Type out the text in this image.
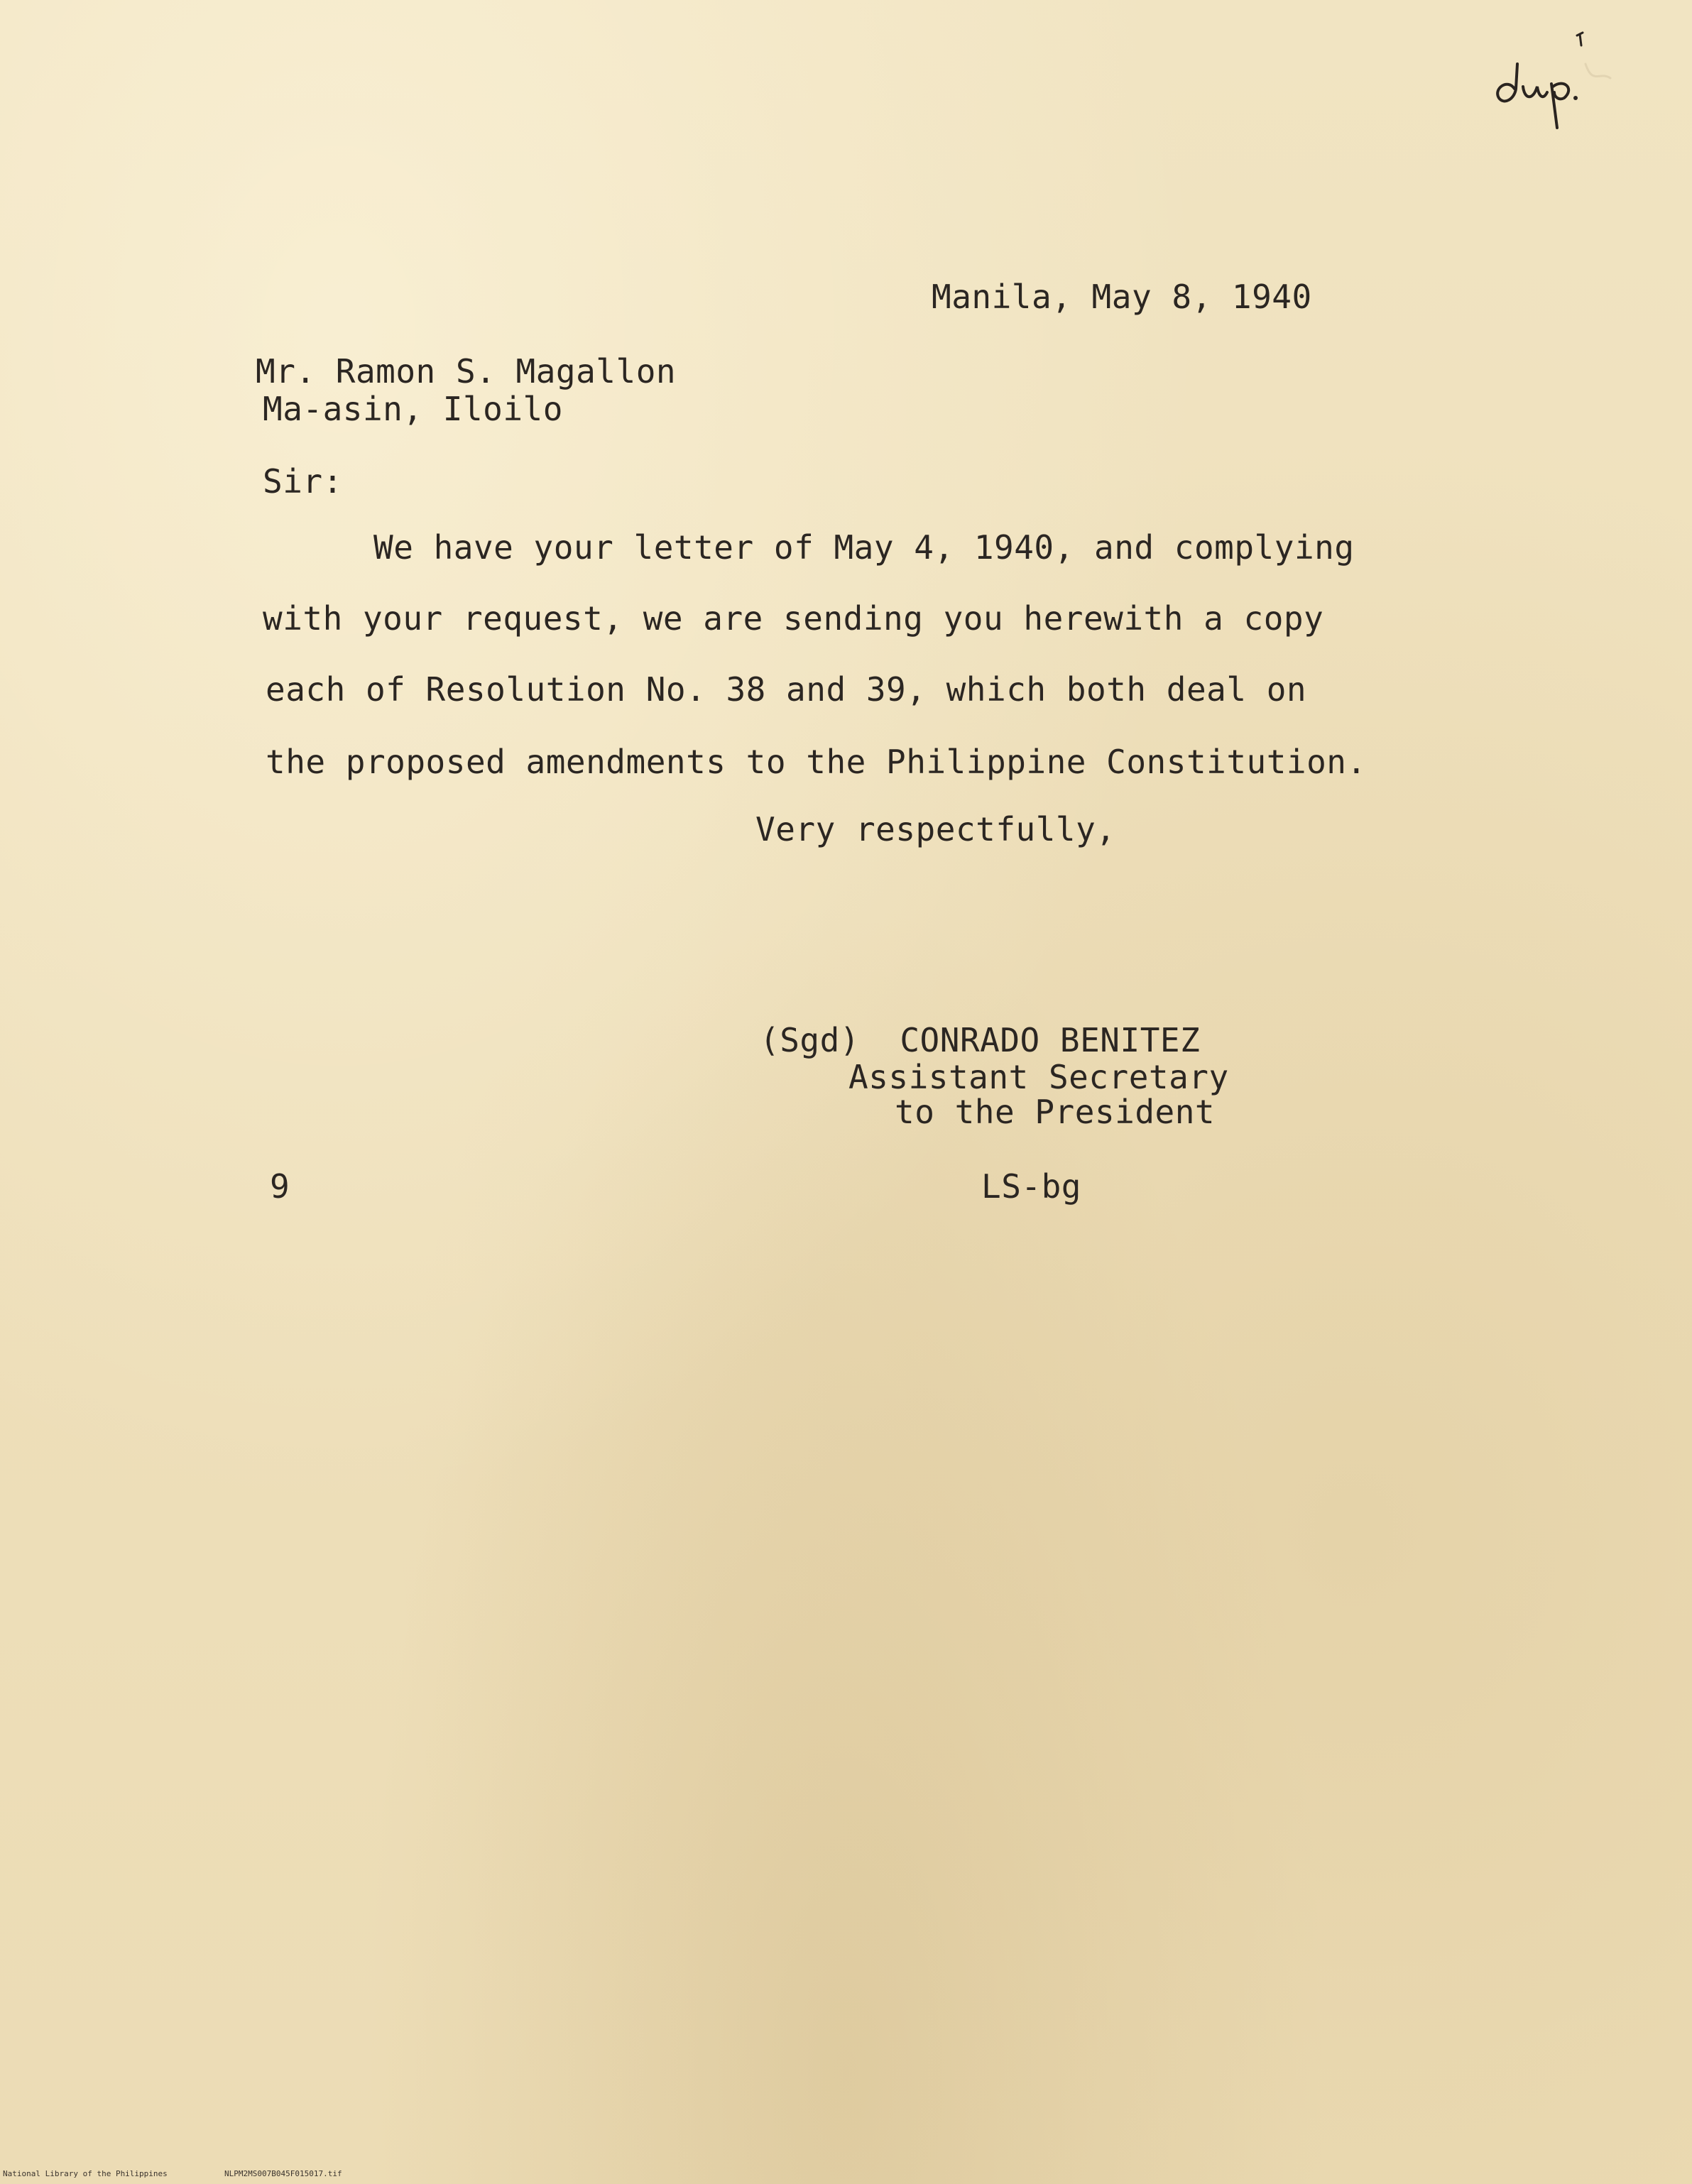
Manila, May 8, 1940
Mr. Ramon S. Magallon
Ma-asin, Iloilo
Sir:
We have your letter of May 4, 1940, and complying
with your request, we are sending you herewith a copy
each of Resolution No. 38 and 39, which both deal on
the proposed amendments to the Philippine Constitution.
Very respectfully,
(Sgd)  CONRADO BENITEZ
Assistant Secretary
to the President
9	LS-bg
National Library of the Philippines	NLPM2MS007B045F015017.tif
